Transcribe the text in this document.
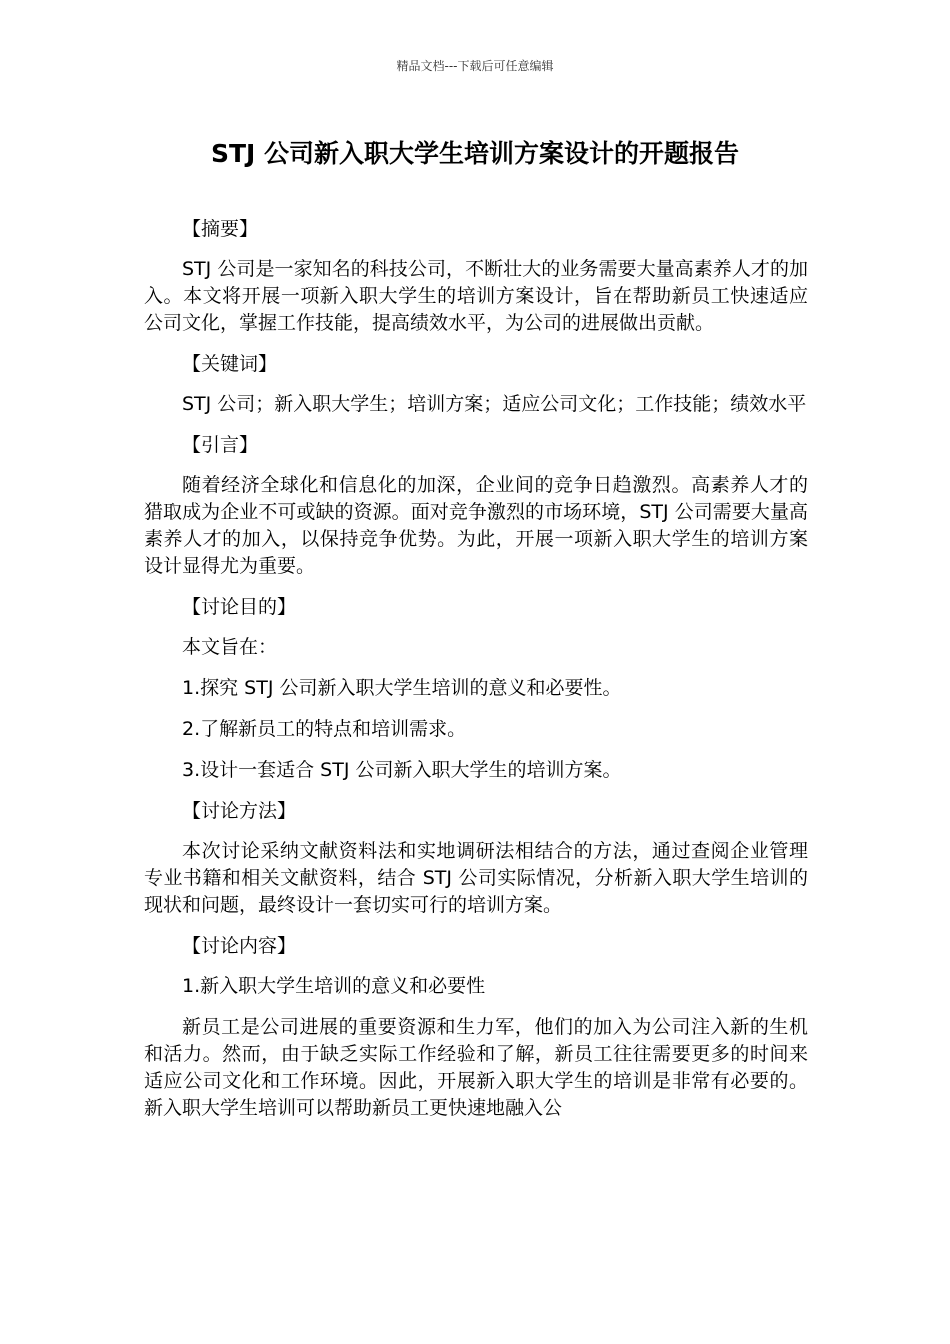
精品文档---下载后可任意编辑
STJ 公司新入职大学生培训方案设计的开题报告

【摘要】

STJ 公司是一家知名的科技公司，不断壮大的业务需要大量高素养人才的加入。本文将开展一项新入职大学生的培训方案设计，旨在帮助新员工快速适应公司文化，掌握工作技能，提高绩效水平，为公司的进展做出贡献。

【关键词】

STJ 公司；新入职大学生；培训方案；适应公司文化；工作技能；绩效水平

【引言】

随着经济全球化和信息化的加深，企业间的竞争日趋激烈。高素养人才的猎取成为企业不可或缺的资源。面对竞争激烈的市场环境，STJ 公司需要大量高素养人才的加入，以保持竞争优势。为此，开展一项新入职大学生的培训方案设计显得尤为重要。

【讨论目的】

本文旨在：

1.探究 STJ 公司新入职大学生培训的意义和必要性。

2.了解新员工的特点和培训需求。

3.设计一套适合 STJ 公司新入职大学生的培训方案。

【讨论方法】

本次讨论采纳文献资料法和实地调研法相结合的方法，通过查阅企业管理专业书籍和相关文献资料，结合 STJ 公司实际情况，分析新入职大学生培训的现状和问题，最终设计一套切实可行的培训方案。

【讨论内容】

1.新入职大学生培训的意义和必要性

新员工是公司进展的重要资源和生力军，他们的加入为公司注入新的生机和活力。然而，由于缺乏实际工作经验和了解，新员工往往需要更多的时间来适应公司文化和工作环境。因此，开展新入职大学生的培训是非常有必要的。新入职大学生培训可以帮助新员工更快速地融入公
